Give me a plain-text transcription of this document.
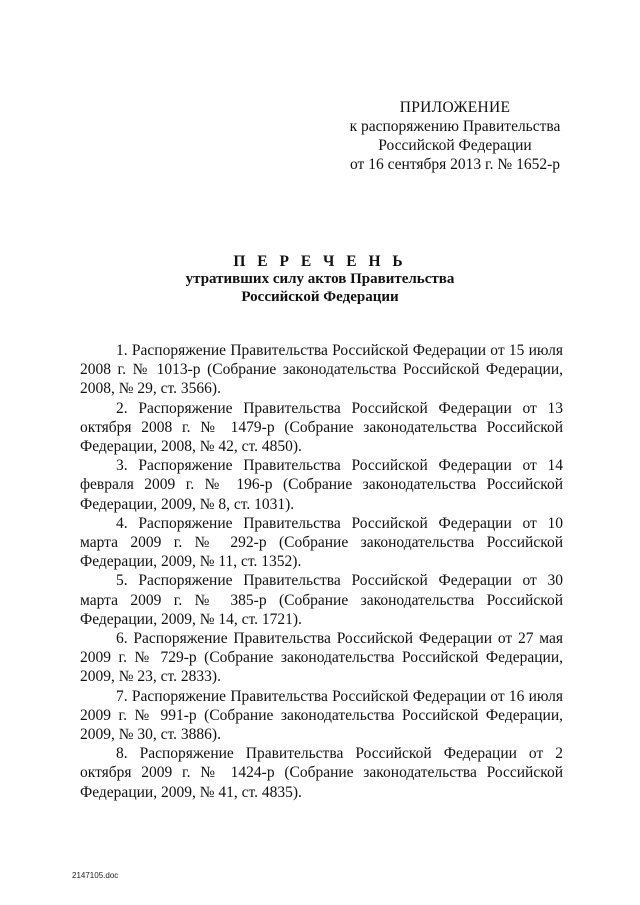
ПРИЛОЖЕНИЕ
к распоряжению Правительства
Российской Федерации
от 16 сентября 2013 г. № 1652-р
П Е Р Е Ч Е Н Ь
утративших силу актов Правительства
Российской Федерации
1. Распоряжение Правительства Российской Федерации от 15 июля 2008 г. № 1013-р (Собрание законодательства Российской Федерации, 2008, № 29, ст. 3566).
2. Распоряжение Правительства Российской Федерации от 13 октября 2008 г. № 1479-р (Собрание законодательства Российской Федерации, 2008, № 42, ст. 4850).
3. Распоряжение Правительства Российской Федерации от 14 февраля 2009 г. № 196-р (Собрание законодательства Российской Федерации, 2009, № 8, ст. 1031).
4. Распоряжение Правительства Российской Федерации от 10 марта 2009 г. № 292-р (Собрание законодательства Российской Федерации, 2009, № 11, ст. 1352).
5. Распоряжение Правительства Российской Федерации от 30 марта 2009 г. № 385-р (Собрание законодательства Российской Федерации, 2009, № 14, ст. 1721).
6. Распоряжение Правительства Российской Федерации от 27 мая 2009 г. № 729-р (Собрание законодательства Российской Федерации, 2009, № 23, ст. 2833).
7. Распоряжение Правительства Российской Федерации от 16 июля 2009 г. № 991-р (Собрание законодательства Российской Федерации, 2009, № 30, ст. 3886).
8. Распоряжение Правительства Российской Федерации от 2 октября 2009 г. № 1424-р (Собрание законодательства Российской Федерации, 2009, № 41, ст. 4835).
2147105.doc
